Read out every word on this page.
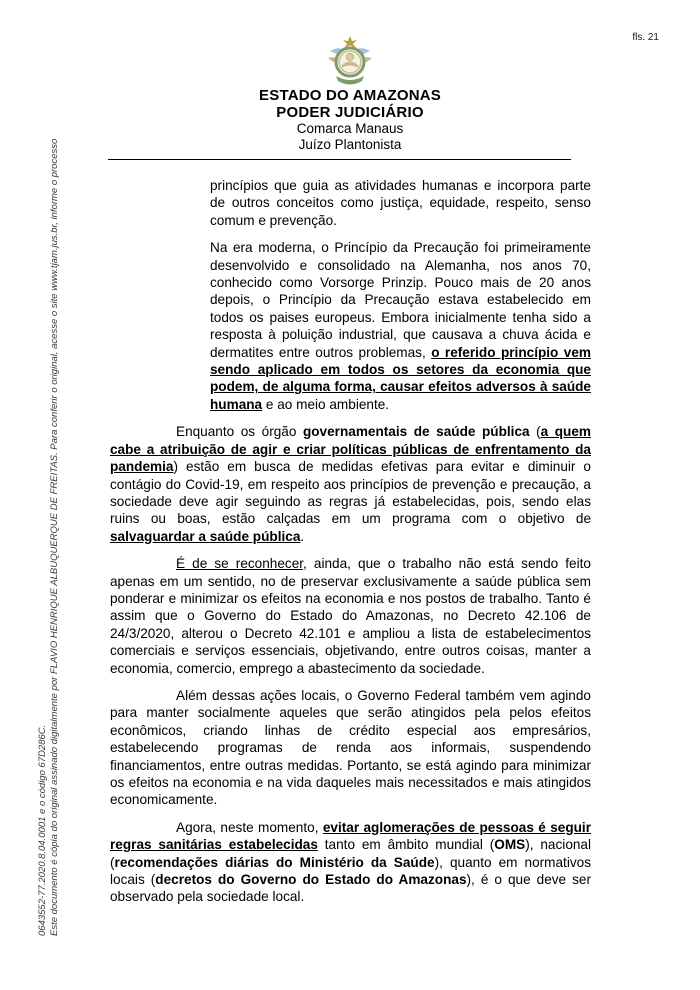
fls. 21
ESTADO DO AMAZONAS
PODER JUDICIÁRIO
Comarca Manaus
Juízo Plantonista

princípios que guia as atividades humanas e incorpora parte de outros conceitos como justiça, equidade, respeito, senso comum e prevenção.

Na era moderna, o Princípio da Precaução foi primeiramente desenvolvido e consolidado na Alemanha, nos anos 70, conhecido como Vorsorge Prinzip. Pouco mais de 20 anos depois, o Princípio da Precaução estava estabelecido em todos os paises europeus. Embora inicialmente tenha sido a resposta à poluição industrial, que causava a chuva ácida e dermatites entre outros problemas, o referido princípio vem sendo aplicado em todos os setores da economia que podem, de alguma forma, causar efeitos adversos à saúde humana e ao meio ambiente.

Enquanto os órgão governamentais de saúde pública (a quem cabe a atribuição de agir e criar políticas públicas de enfrentamento da pandemia) estão em busca de medidas efetivas para evitar e diminuir o contágio do Covid-19, em respeito aos princípios de prevenção e precaução, a sociedade deve agir seguindo as regras já estabelecidas, pois, sendo elas ruins ou boas, estão calçadas em um programa com o objetivo de salvaguardar a saúde pública.

É de se reconhecer, ainda, que o trabalho não está sendo feito apenas em um sentido, no de preservar exclusivamente a saúde pública sem ponderar e minimizar os efeitos na economia e nos postos de trabalho. Tanto é assim que o Governo do Estado do Amazonas, no Decreto 42.106 de 24/3/2020, alterou o Decreto 42.101 e ampliou a lista de estabelecimentos comerciais e serviços essenciais, objetivando, entre outros coisas, manter a economia, comercio, emprego a abastecimento da sociedade.

Além dessas ações locais, o Governo Federal também vem agindo para manter socialmente aqueles que serão atingidos pela pelos efeitos econômicos, criando linhas de crédito especial aos empresários, estabelecendo programas de renda aos informais, suspendendo financiamentos, entre outras medidas. Portanto, se está agindo para minimizar os efeitos na economia e na vida daqueles mais necessitados e mais atingidos economicamente.

Agora, neste momento, evitar aglomerações de pessoas é seguir regras sanitárias estabelecidas tanto em âmbito mundial (OMS), nacional (recomendações diárias do Ministério da Saúde), quanto em normativos locais (decretos do Governo do Estado do Amazonas), é o que deve ser observado pela sociedade local.

Este documento é cópia do original assinado digitalmente por FLAVIO HENRIQUE ALBUQUERQUE DE FREITAS. Para conferir o original, acesse o site www.tjam.jus.br, informe o processo
0643552-77.2020.8.04.0001 e o código 67D286C.
